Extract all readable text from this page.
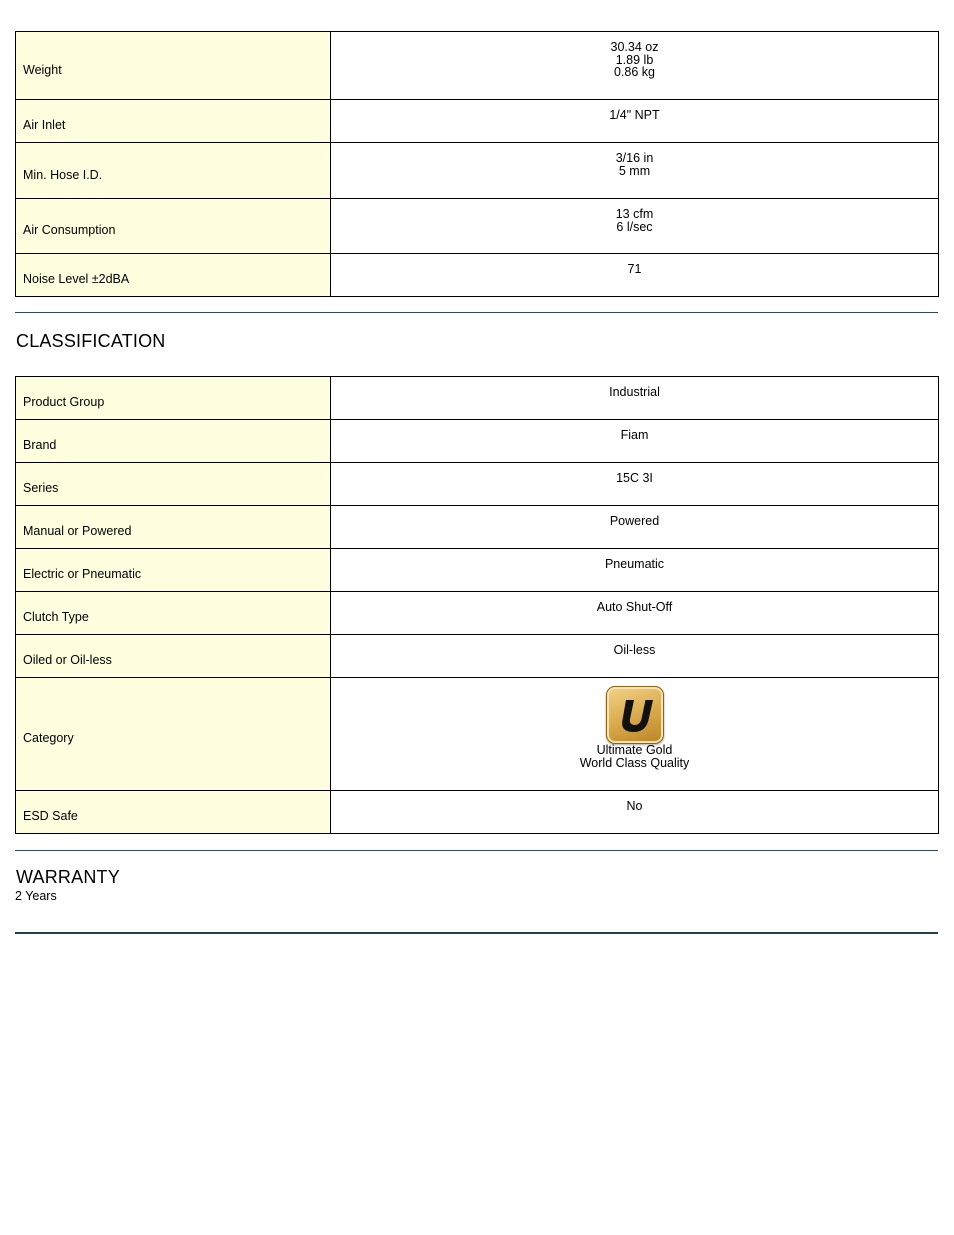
Weight	30.34 oz
1.89 lb
0.86 kg

Air Inlet	1/4" NPT

Min. Hose I.D.	3/16 in
5 mm

Air Consumption	13 cfm
6 l/sec

Noise Level ±2dBA	71
CLASSIFICATION
Product Group	Industrial

Brand	Fiam

Series	15C 3I

Manual or Powered	Powered

Electric or Pneumatic	Pneumatic

Clutch Type	Auto Shut-Off

Oiled or Oil-less	Oil-less

Category	Ultimate Gold
World Class Quality

ESD Safe	No
WARRANTY
2 Years
